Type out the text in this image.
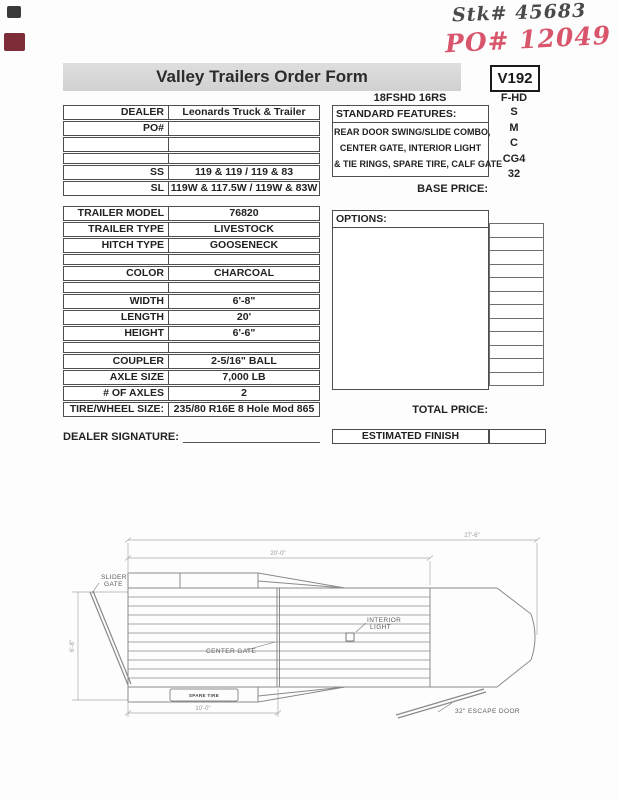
Stk# 45683
PO# 12049
Valley Trailers Order Form	V192
18FSHD 16RS	F-HD
DEALER	Leonards Truck & Trailer
PO#
SS	119 & 119 / 119 & 83
SL 119W & 117.5W / 119W & 83W
TRAILER MODEL	76820
TRAILER TYPE	LIVESTOCK
HITCH TYPE	GOOSENECK
COLOR	CHARCOAL
WIDTH	6'-8"
LENGTH	20'
HEIGHT	6'-6"
COUPLER	2-5/16" BALL
AXLE SIZE	7,000 LB
# OF AXLES	2
TIRE/WHEEL SIZE: 235/80 R16E 8 Hole Mod 865
DEALER SIGNATURE:
STANDARD FEATURES:
REAR DOOR SWING/SLIDE COMBO,
CENTER GATE, INTERIOR LIGHT
& TIE RINGS, SPARE TIRE, CALF GATE
S
M
C
CG4
32
BASE PRICE:
OPTIONS:
TOTAL PRICE:
ESTIMATED FINISH
27'-6"
20'-0"
10'-0"
6'-8"
SLIDER
GATE
CENTER GATE
INTERIOR
LIGHT
SPARE TIRE
32" ESCAPE DOOR
